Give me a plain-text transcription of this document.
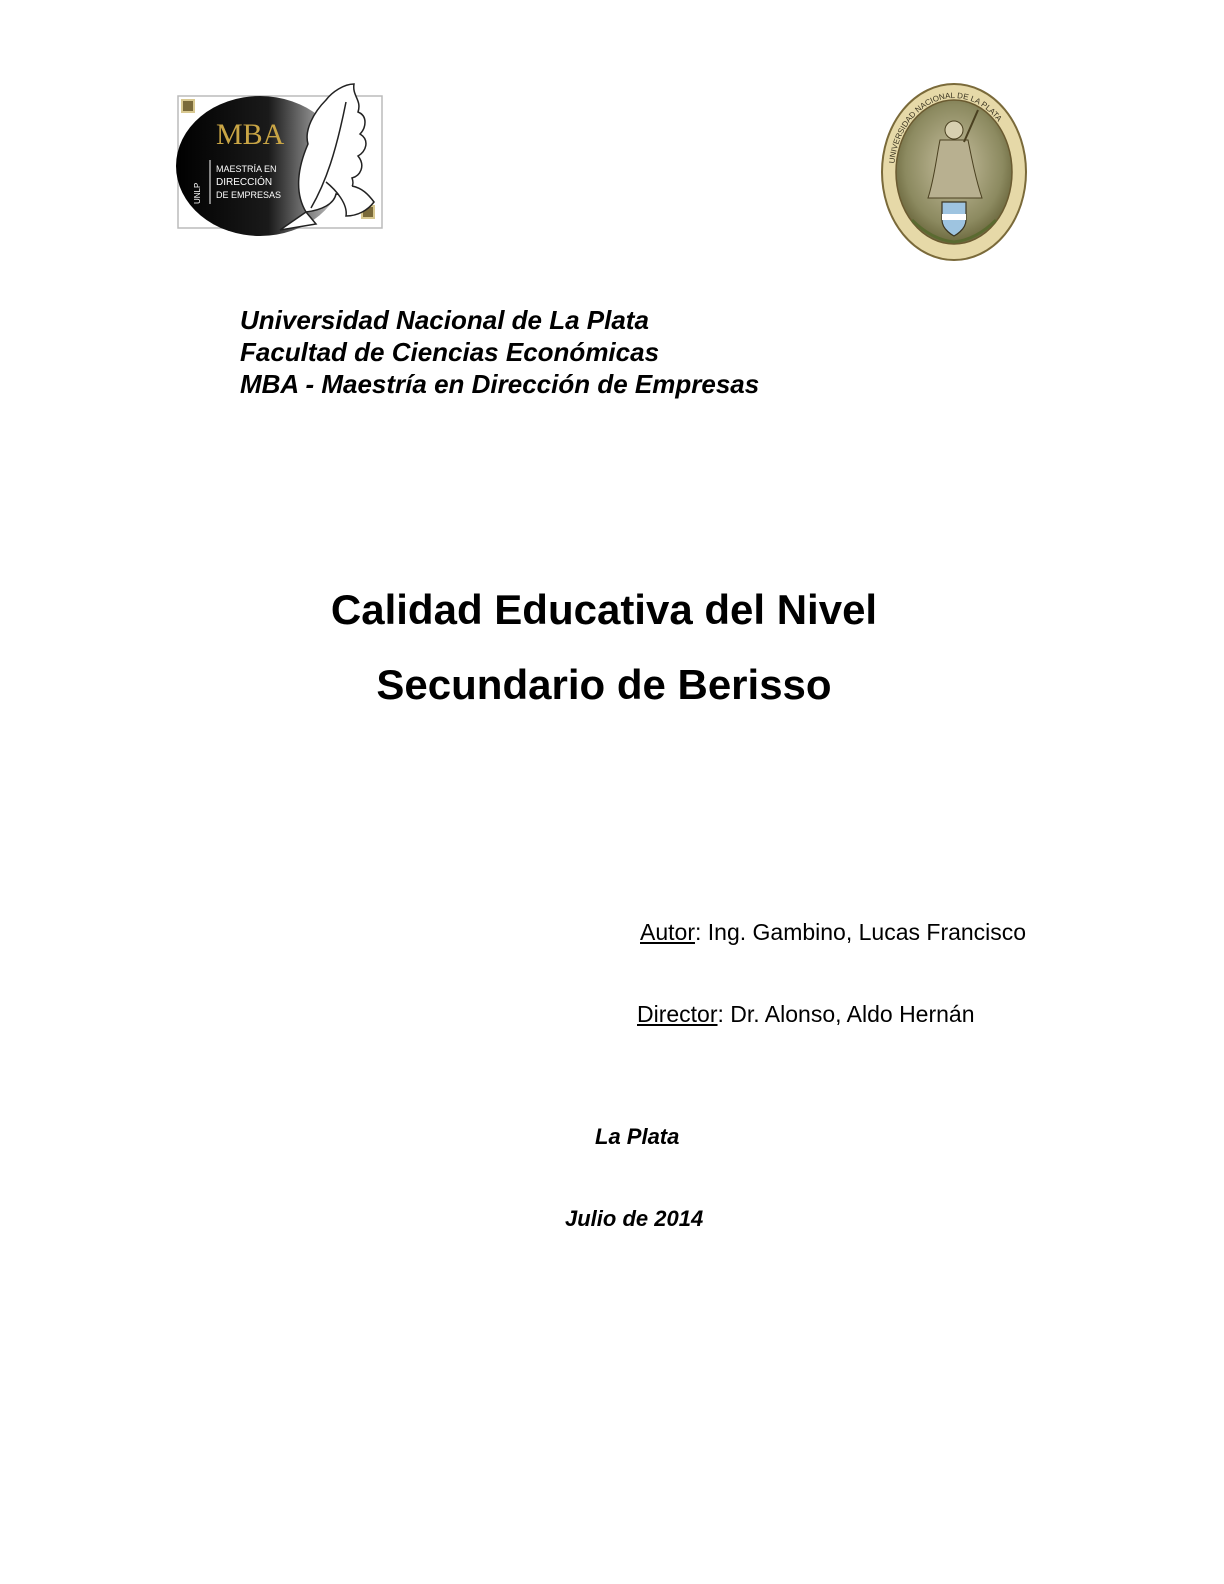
MBA
MAESTRÍA EN
DIRECCIÓN
DE EMPRESAS
UNLP
UNIVERSIDAD NACIONAL DE LA PLATA
Universidad Nacional de La Plata
Facultad de Ciencias Económicas
MBA - Maestría en Dirección de Empresas
Calidad Educativa del Nivel
Secundario de Berisso
Autor: Ing. Gambino, Lucas Francisco
Director: Dr. Alonso, Aldo Hernán
La Plata
Julio de 2014
